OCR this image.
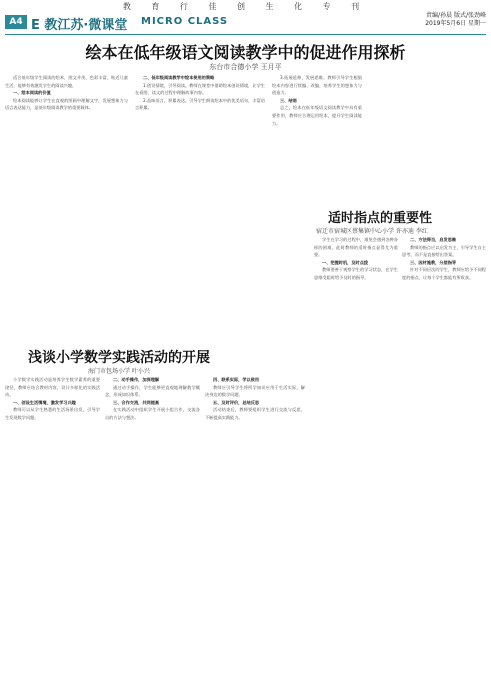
教 育 行 佳 创 生 化 专 刊
A4 E 教江苏·微课堂 MICRO CLASS
责编/孙晨 版式/张劲峰
2019年5月6日 星期一
绘本在低年级语文阅读教学中的促进作用探析
东台市合德小学 王月平

适合低年级学生阅读的绘本，图文并茂，色彩丰富，贴近儿童生活，能够有效激发学生的阅读兴趣。

一、绘本阅读的价值

绘本阅读能够让学生在直观的图画中理解文字，发展想象力与语言表达能力，是低年级阅读教学的重要载体。

二、低年级阅读教学中绘本使用的策略

1.创设情境，引导阅读。教师在课堂中借助绘本创设情境，让学生在看图、读文的过程中理解故事内容。

2.品味语言，积累表达。引导学生朗读绘本中的优美语句，丰富语言积累。

3.拓展延伸，发展思维。教师引导学生根据绘本内容进行续编、改编，培养学生的想象力与创造力。

三、结语

总之，绘本在低年级语文阅读教学中具有重要作用，教师应合理运用绘本，提升学生阅读能力。

适时指点的重要性
宿迁市宿城区蔡集镇中心小学 许亦迪 李红

学生在学习的过程中，难免会遇到各种各样的困难，此时教师的适时指点显得尤为重要。

一、把握时机，及时点拨

教师要善于观察学生的学习状态，在学生思维受阻时给予及时的指导。

二、方法得当，启发思维

教师的指点应以启发为主，引导学生自主思考，而不是直接给出答案。

三、因材施教，分层指导

针对不同层次的学生，教师应给予不同程度的指点，让每个学生都能有所收获。

浅谈小学数学实践活动的开展
海门市包场小学 叶小兴

小学数学实践活动是培养学生数学素养的重要途径，教师应结合教材内容，设计多样化的实践活动。

一、创设生活情境，激发学习兴趣

教师可以从学生熟悉的生活场景出发，引导学生发现数学问题。

二、动手操作，加深理解

通过动手操作，学生能够更直观地理解数学概念，形成知识体系。

三、合作交流，共同提高

在实践活动中组织学生开展小组合作，交流各自的方法与想法。

四、联系实际，学以致用

教师应引导学生将所学知识应用于生活实际，解决身边的数学问题。

五、及时评价，总结反思

活动结束后，教师要组织学生进行交流与反思，不断提高实践能力。
